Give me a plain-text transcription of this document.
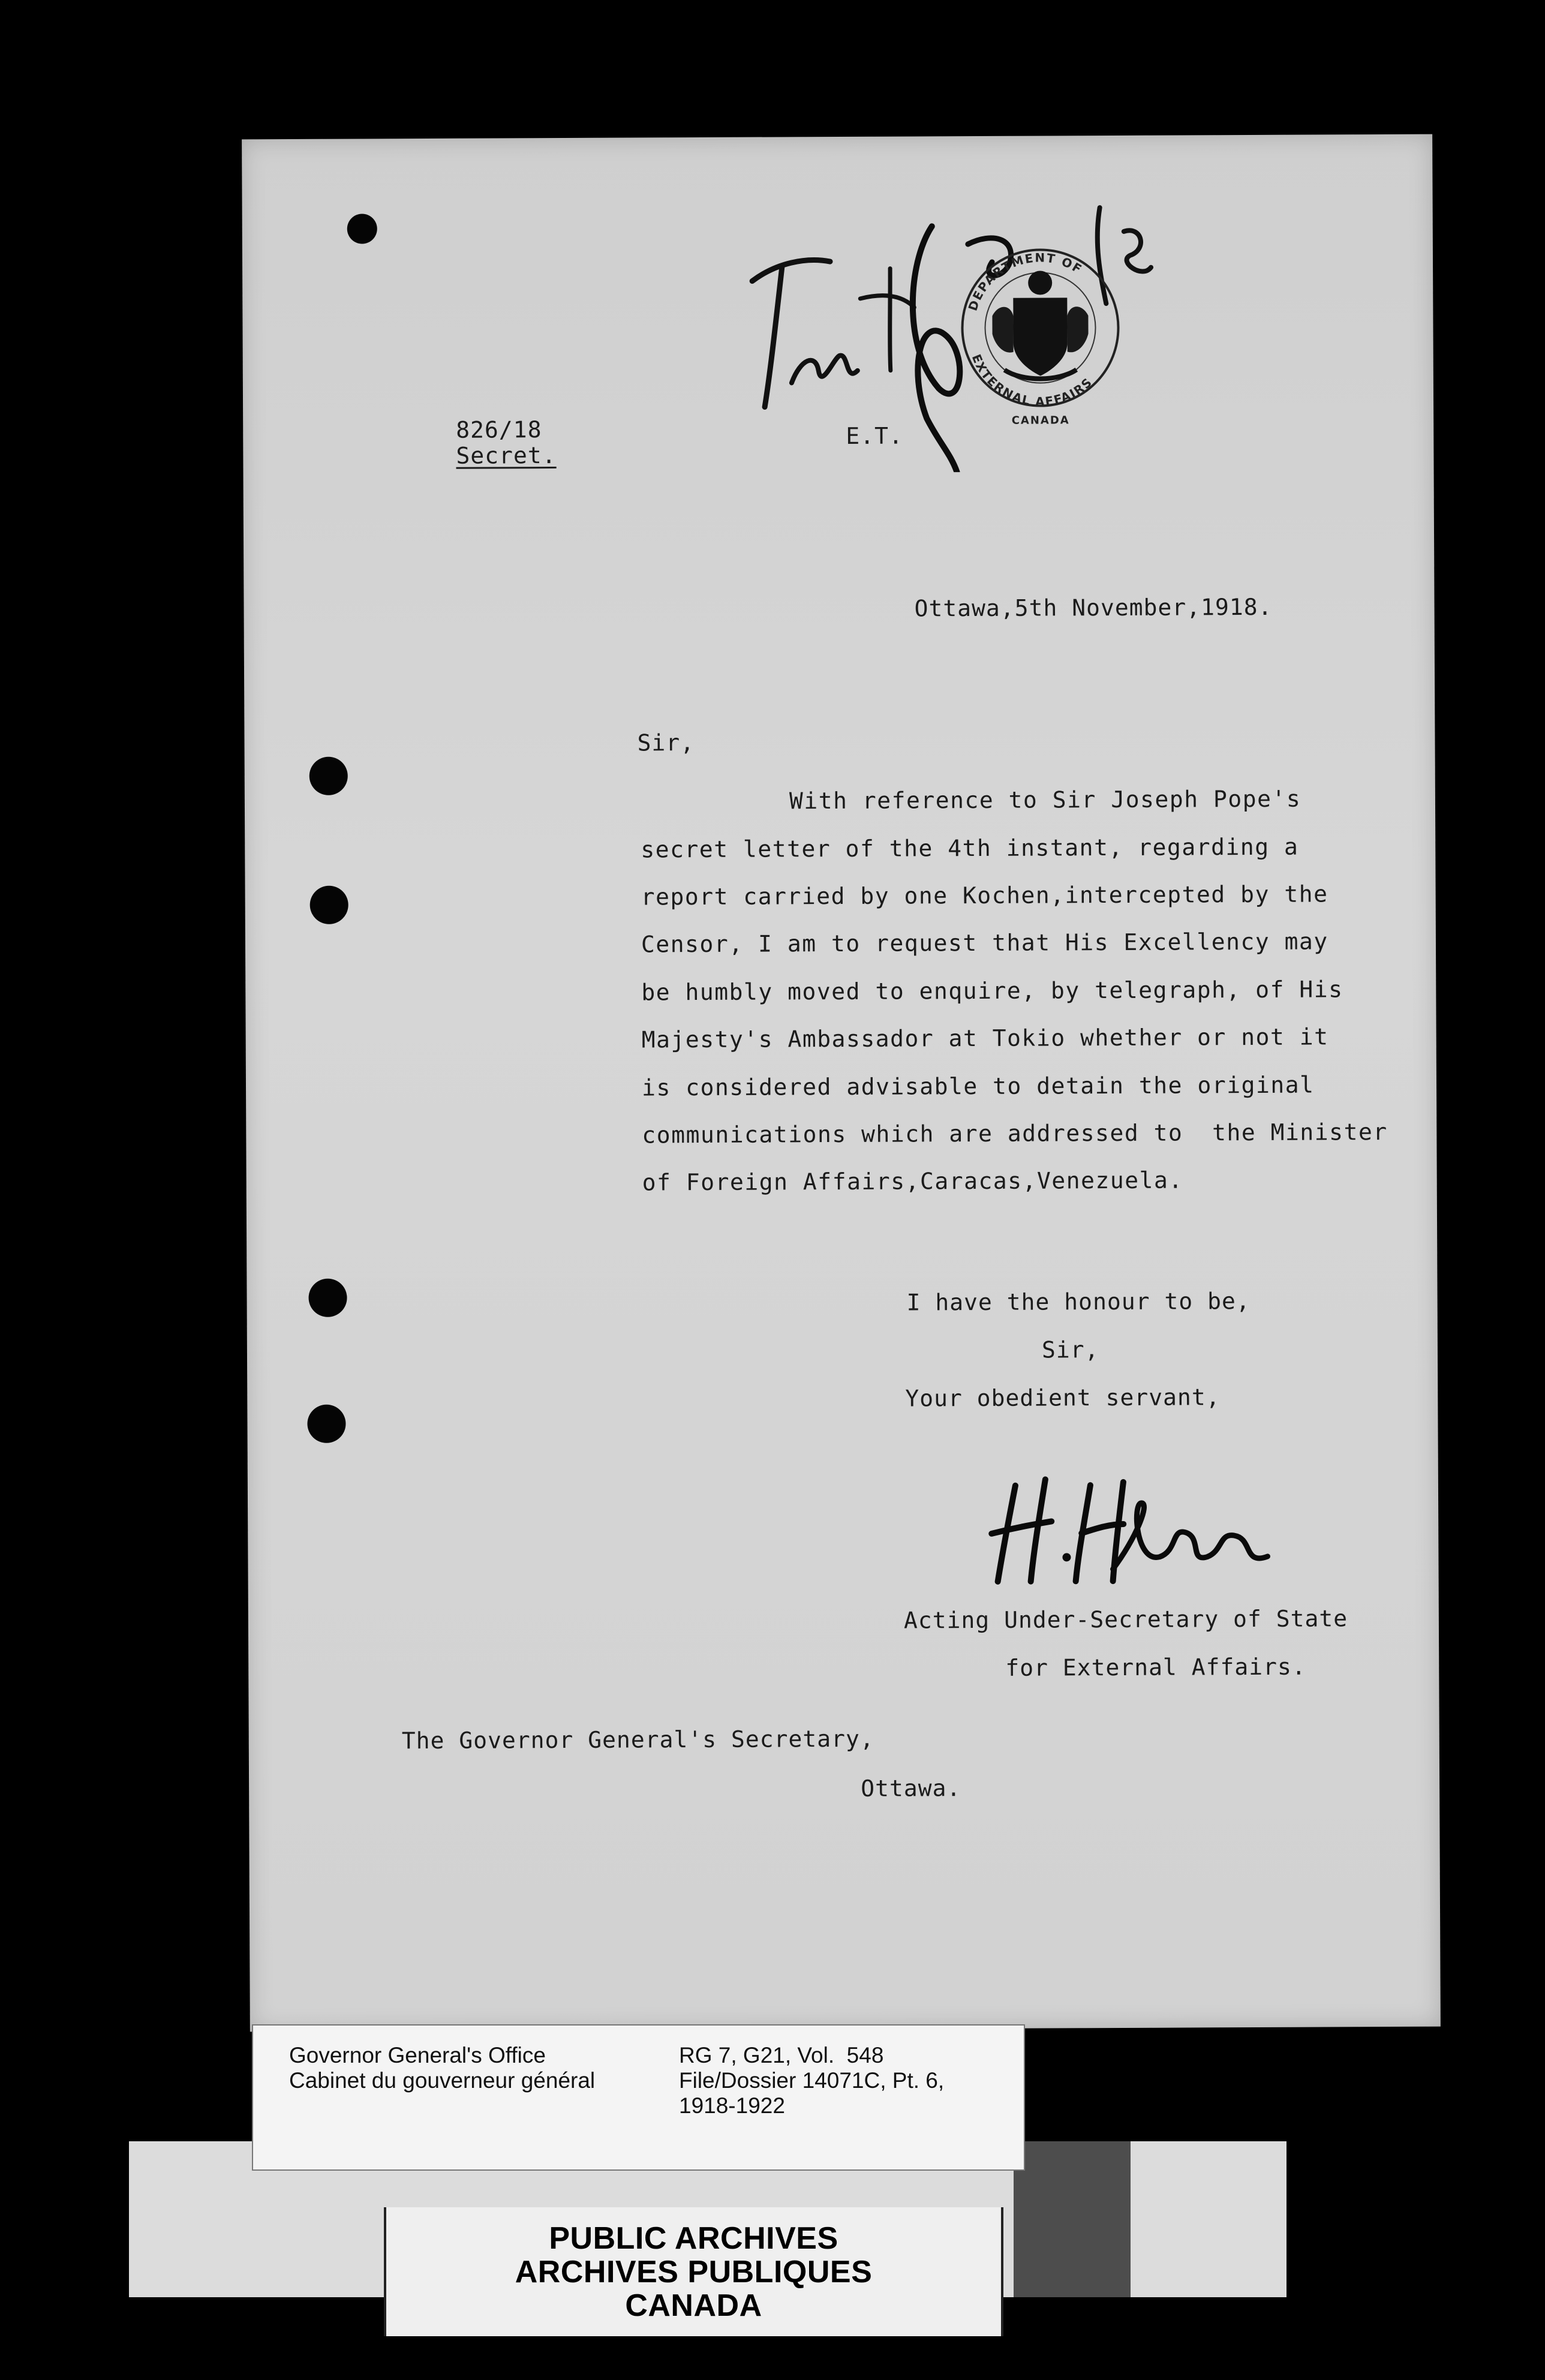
DEPARTMENT OF
EXTERNAL AFFAIRS
CANADA
826/18
Secret.
E.T.
Ottawa,5th November,1918.
Sir,
With reference to Sir Joseph Pope's
secret letter of the 4th instant, regarding a
report carried by one Kochen,intercepted by the
Censor, I am to request that His Excellency may
be humbly moved to enquire, by telegraph, of His
Majesty's Ambassador at Tokio whether or not it
is considered advisable to detain the original
communications which are addressed to  the Minister
of Foreign Affairs,Caracas,Venezuela.
I have the honour to be,
Sir,
Your obedient servant,
Acting Under-Secretary of State
for External Affairs.
The Governor General's Secretary,
Ottawa.
Governor General's Office
Cabinet du gouverneur général
RG 7, G21, Vol.  548
File/Dossier 14071C, Pt. 6,
1918-1922
PUBLIC ARCHIVES
ARCHIVES PUBLIQUES
CANADA
